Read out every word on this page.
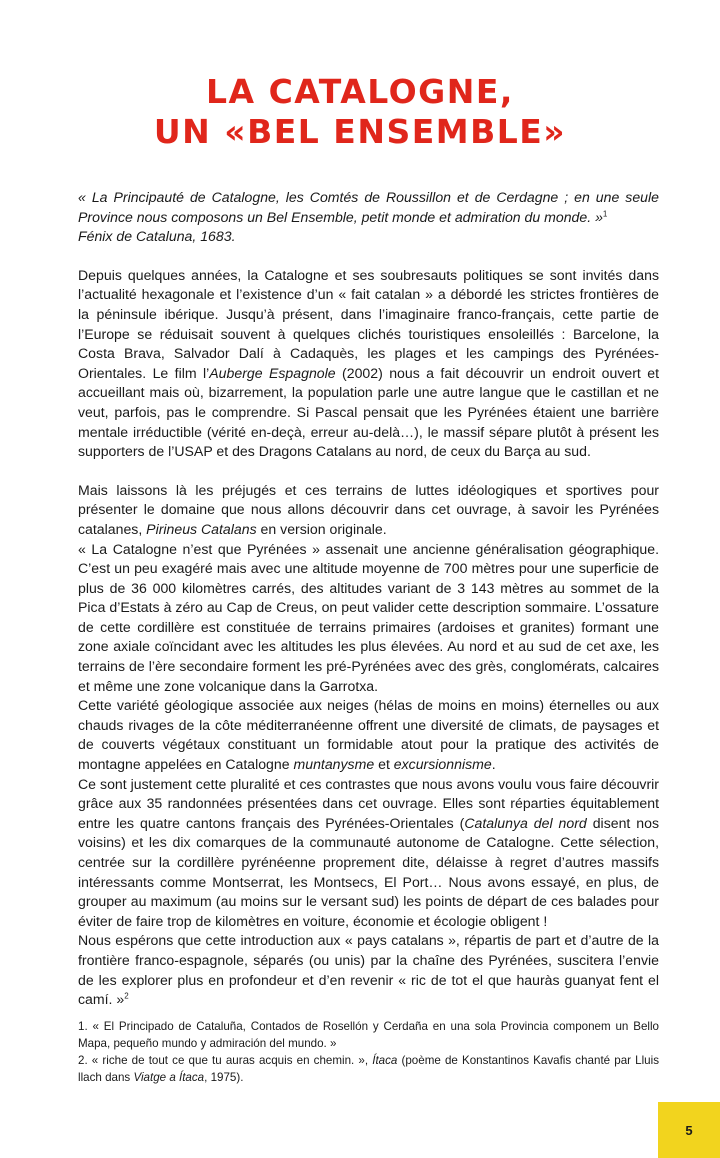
LA CATALOGNE,
UN «BEL ENSEMBLE»

« La Principauté de Catalogne, les Comtés de Roussillon et de Cerdagne ; en une seule Province nous composons un Bel Ensemble, petit monde et admiration du monde. »$^1$

Fénix de Cataluna, 1683.

Depuis quelques années, la Catalogne et ses soubresauts politiques se sont invités dans l’actualité hexagonale et l’existence d’un « fait catalan » a débordé les strictes frontières de la péninsule ibérique. Jusqu’à présent, dans l’imaginaire franco-français, cette partie de l’Europe se réduisait souvent à quelques clichés touristiques ensoleillés : Barcelone, la Costa Brava, Salvador Dalí à Cadaquès, les plages et les campings des Pyrénées-Orientales. Le film l’Auberge Espagnole (2002) nous a fait découvrir un endroit ouvert et accueillant mais où, bizarrement, la population parle une autre langue que le castillan et ne veut, parfois, pas le comprendre. Si Pascal pensait que les Pyrénées étaient une barrière mentale irréductible (vérité en-deçà, erreur au-delà…), le massif sépare plutôt à présent les supporters de l’USAP et des Dragons Catalans au nord, de ceux du Barça au sud.

Mais laissons là les préjugés et ces terrains de luttes idéologiques et sportives pour présenter le domaine que nous allons découvrir dans cet ouvrage, à savoir les Pyrénées catalanes, Pirineus Catalans en version originale.

« La Catalogne n’est que Pyrénées » assenait une ancienne généralisation géographique. C’est un peu exagéré mais avec une altitude moyenne de 700 mètres pour une superficie de plus de 36 000 kilomètres carrés, des altitudes variant de 3 143 mètres au sommet de la Pica d’Estats à zéro au Cap de Creus, on peut valider cette description sommaire. L’ossature de cette cordillère est constituée de terrains primaires (ardoises et granites) formant une zone axiale coïncidant avec les altitudes les plus élevées. Au nord et au sud de cet axe, les terrains de l’ère secondaire forment les pré-Pyrénées avec des grès, conglomérats, calcaires et même une zone volcanique dans la Garrotxa.

Cette variété géologique associée aux neiges (hélas de moins en moins) éternelles ou aux chauds rivages de la côte méditerranéenne offrent une diversité de climats, de paysages et de couverts végétaux constituant un formidable atout pour la pratique des activités de montagne appelées en Catalogne muntanysme et excursionnisme.

Ce sont justement cette pluralité et ces contrastes que nous avons voulu vous faire découvrir grâce aux 35 randonnées présentées dans cet ouvrage. Elles sont réparties équitablement entre les quatre cantons français des Pyrénées-Orientales (Catalunya del nord disent nos voisins) et les dix comarques de la communauté autonome de Catalogne. Cette sélection, centrée sur la cordillère pyrénéenne proprement dite, délaisse à regret d’autres massifs intéressants comme Montserrat, les Montsecs, El Port… Nous avons essayé, en plus, de grouper au maximum (au moins sur le versant sud) les points de départ de ces balades pour éviter de faire trop de kilomètres en voiture, économie et écologie obligent !

Nous espérons que cette introduction aux « pays catalans », répartis de part et d’autre de la frontière franco-espagnole, séparés (ou unis) par la chaîne des Pyrénées, suscitera l’envie de les explorer plus en profondeur et d’en revenir « ric de tot el que hauràs guanyat fent el camí. »$^2$

1. « El Principado de Cataluña, Contados de Rosellón y Cerdaña en una sola Provincia componem un Bello Mapa, pequeño mundo y admiración del mundo. »

2. « riche de tout ce que tu auras acquis en chemin. », Ítaca (poème de Konstantinos Kavafis chanté par Lluis llach dans Viatge a Ítaca, 1975).

5
